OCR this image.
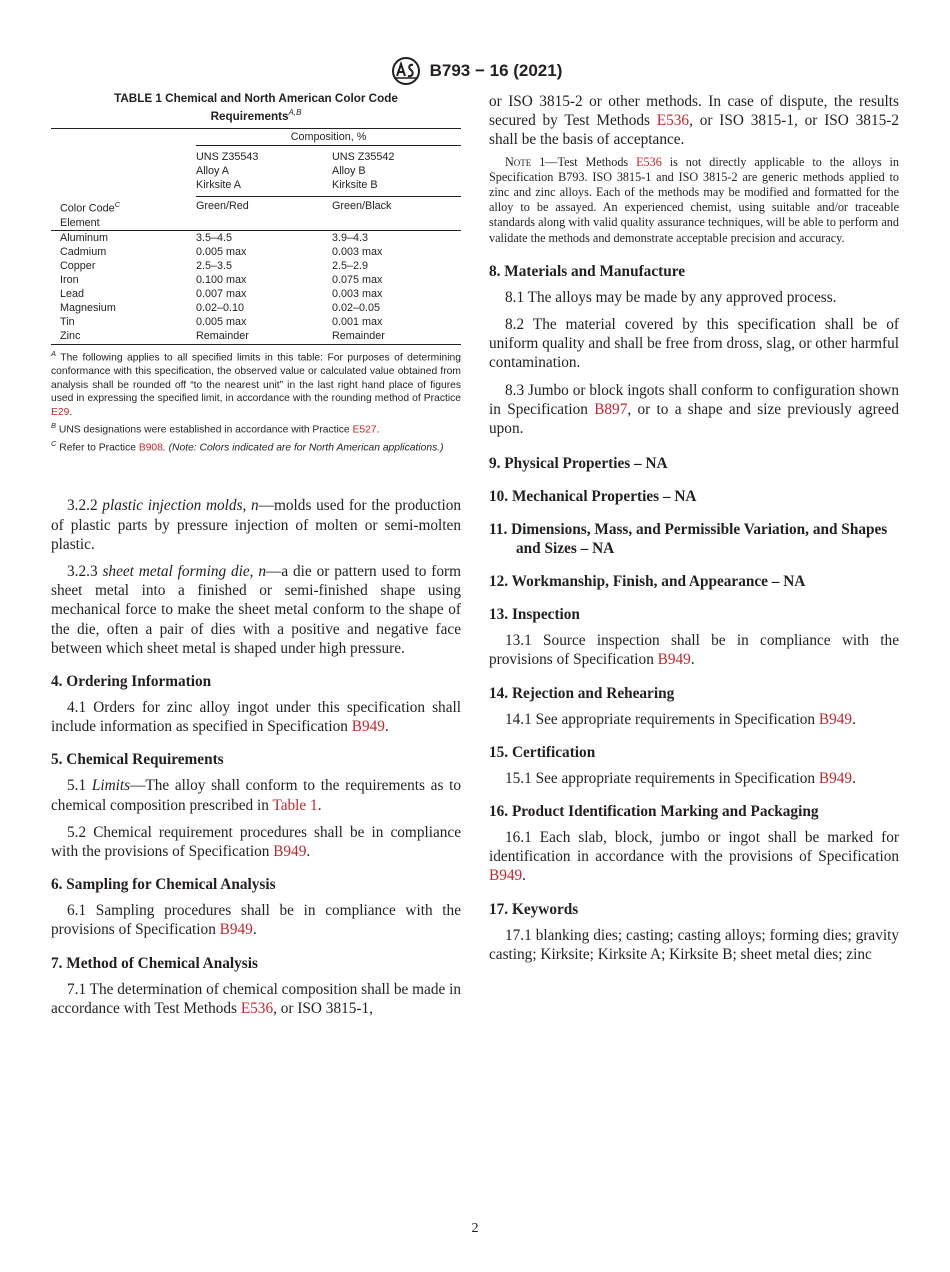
B793 − 16 (2021)
TABLE 1 Chemical and North American Color Code
Requirements$^{A,B}$
	Composition, %	
	UNS Z35543	UNS Z35542
	Alloy A	Alloy B
	Kirksite A	Kirksite B
Color Code$^C$	Green/Red	Green/Black
Element		
Aluminum	3.5–4.5	3.9–4.3
Cadmium	0.005 max	0.003 max
Copper	2.5–3.5	2.5–2.9
Iron	0.100 max	0.075 max
Lead	0.007 max	0.003 max
Magnesium	0.02–0.10	0.02–0.05
Tin	0.005 max	0.001 max
Zinc	Remainder	Remainder
$^A$ The following applies to all specified limits in this table: For purposes of determining conformance with this specification, the observed value or calculated value obtained from analysis shall be rounded off “to the nearest unit” in the last right hand place of figures used in expressing the specified limit, in accordance with the rounding method of Practice E29.
$^B$ UNS designations were established in accordance with Practice E527.
$^C$ Refer to Practice B908. (Note: Colors indicated are for North American applications.)

3.2.2 plastic injection molds, n—molds used for the production of plastic parts by pressure injection of molten or semi-molten plastic.

3.2.3 sheet metal forming die, n—a die or pattern used to form sheet metal into a finished or semi-finished shape using mechanical force to make the sheet metal conform to the shape of the die, often a pair of dies with a positive and negative face between which sheet metal is shaped under high pressure.

4. Ordering Information

4.1 Orders for zinc alloy ingot under this specification shall include information as specified in Specification B949.

5. Chemical Requirements

5.1 Limits—The alloy shall conform to the requirements as to chemical composition prescribed in Table 1.

5.2 Chemical requirement procedures shall be in compliance with the provisions of Specification B949.

6. Sampling for Chemical Analysis

6.1 Sampling procedures shall be in compliance with the provisions of Specification B949.

7. Method of Chemical Analysis

7.1 The determination of chemical composition shall be made in accordance with Test Methods E536, or ISO 3815-1,

or ISO 3815-2 or other methods. In case of dispute, the results secured by Test Methods E536, or ISO 3815-1, or ISO 3815-2 shall be the basis of acceptance.

Note 1—Test Methods E536 is not directly applicable to the alloys in Specification B793. ISO 3815-1 and ISO 3815-2 are generic methods applied to zinc and zinc alloys. Each of the methods may be modified and formatted for the alloy to be assayed. An experienced chemist, using suitable and/or traceable standards along with valid quality assurance techniques, will be able to perform and validate the methods and demonstrate acceptable precision and accuracy.
8. Materials and Manufacture

8.1 The alloys may be made by any approved process.

8.2 The material covered by this specification shall be of uniform quality and shall be free from dross, slag, or other harmful contamination.

8.3 Jumbo or block ingots shall conform to configuration shown in Specification B897, or to a shape and size previously agreed upon.

9. Physical Properties – NA
10. Mechanical Properties – NA
11. Dimensions, Mass, and Permissible Variation, and Shapes and Sizes – NA
12. Workmanship, Finish, and Appearance – NA
13. Inspection

13.1 Source inspection shall be in compliance with the provisions of Specification B949.

14. Rejection and Rehearing

14.1 See appropriate requirements in Specification B949.

15. Certification

15.1 See appropriate requirements in Specification B949.

16. Product Identification Marking and Packaging

16.1 Each slab, block, jumbo or ingot shall be marked for identification in accordance with the provisions of Specification B949.

17. Keywords

17.1 blanking dies; casting; casting alloys; forming dies; gravity casting; Kirksite; Kirksite A; Kirksite B; sheet metal dies; zinc

2
